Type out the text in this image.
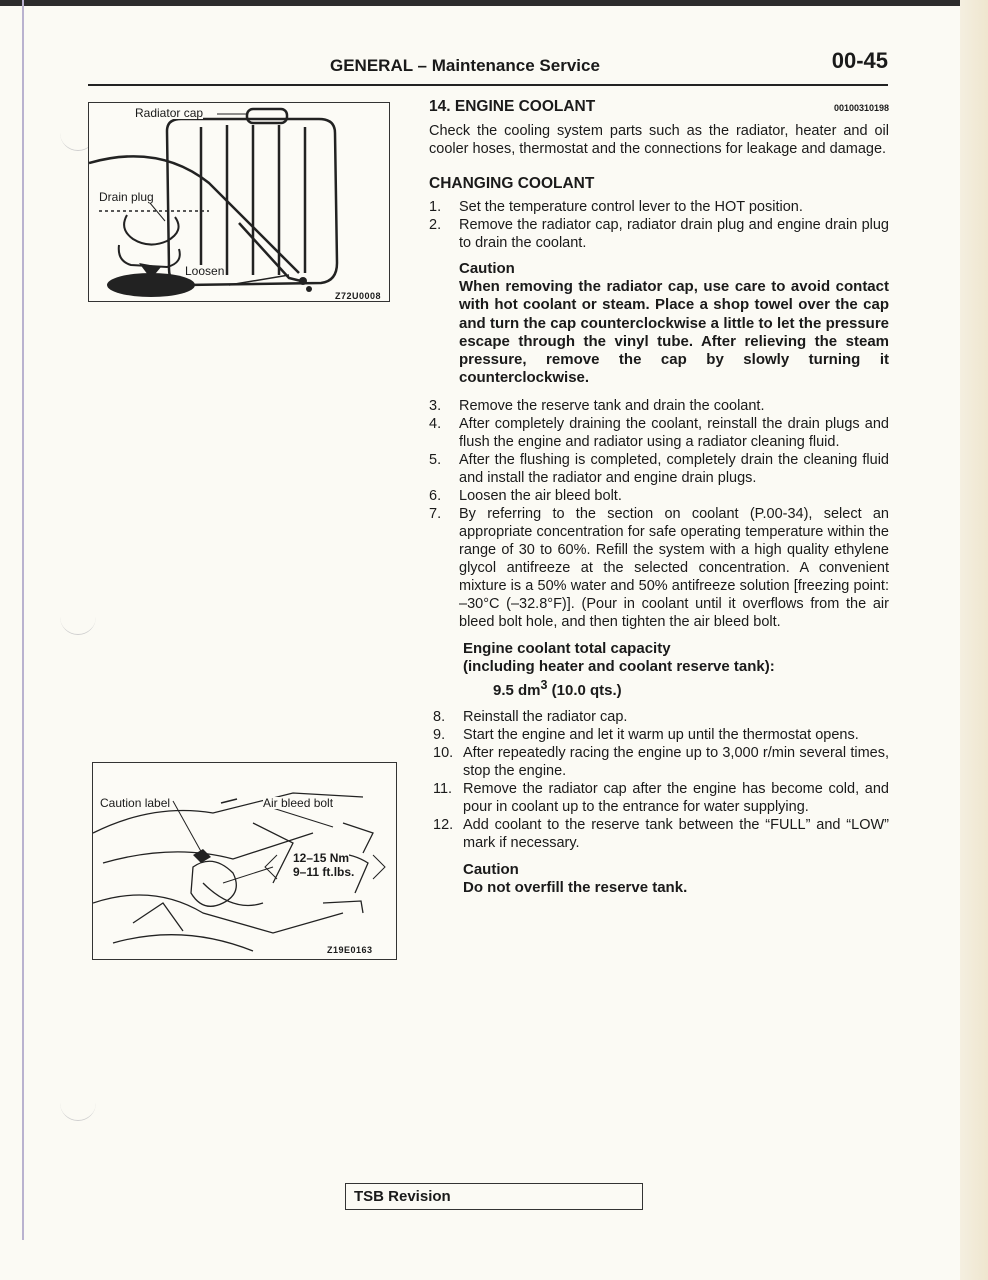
GENERAL – Maintenance Service	00-45
Radiator cap
Drain plug
Loosen
Z72U0008
Caution label	Air bleed bolt
12–15 Nm
9–11 ft.lbs.
Z19E0163
14. ENGINE COOLANT	00100310198

Check the cooling system parts such as the radiator, heater and oil cooler hoses, thermostat and the connections for leakage and damage.

CHANGING COOLANT
1.	Set the temperature control lever to the HOT position.
2.	Remove the radiator cap, radiator drain plug and engine drain plug to drain the coolant.
Caution
When removing the radiator cap, use care to avoid contact with hot coolant or steam. Place a shop towel over the cap and turn the cap counterclockwise a little to let the pressure escape through the vinyl tube. After relieving the steam pressure, remove the cap by slowly turning it counterclockwise.
3.	Remove the reserve tank and drain the coolant.
4.	After completely draining the coolant, reinstall the drain plugs and flush the engine and radiator using a radiator cleaning fluid.
5.	After the flushing is completed, completely drain the cleaning fluid and install the radiator and engine drain plugs.
6.	Loosen the air bleed bolt.
7.	By referring to the section on coolant (P.00-34), select an appropriate concentration for safe operating temperature within the range of 30 to 60%. Refill the system with a high quality ethylene glycol antifreeze at the selected concentration. A convenient mixture is a 50% water and 50% antifreeze solution [freezing point: –30°C (–32.8°F)]. (Pour in coolant until it overflows from the air bleed bolt hole, and then tighten the air bleed bolt.
Engine coolant total capacity
(including heater and coolant reserve tank):
9.5 $dm^3$ (10.0 qts.)
8.	Reinstall the radiator cap.
9.	Start the engine and let it warm up until the thermostat opens.
10. After repeatedly racing the engine up to 3,000 r/min several times, stop the engine.
11. Remove the radiator cap after the engine has become cold, and pour in coolant up to the entrance for water supplying.
12. Add coolant to the reserve tank between the “FULL” and “LOW” mark if necessary.
Caution
Do not overfill the reserve tank.
TSB Revision
